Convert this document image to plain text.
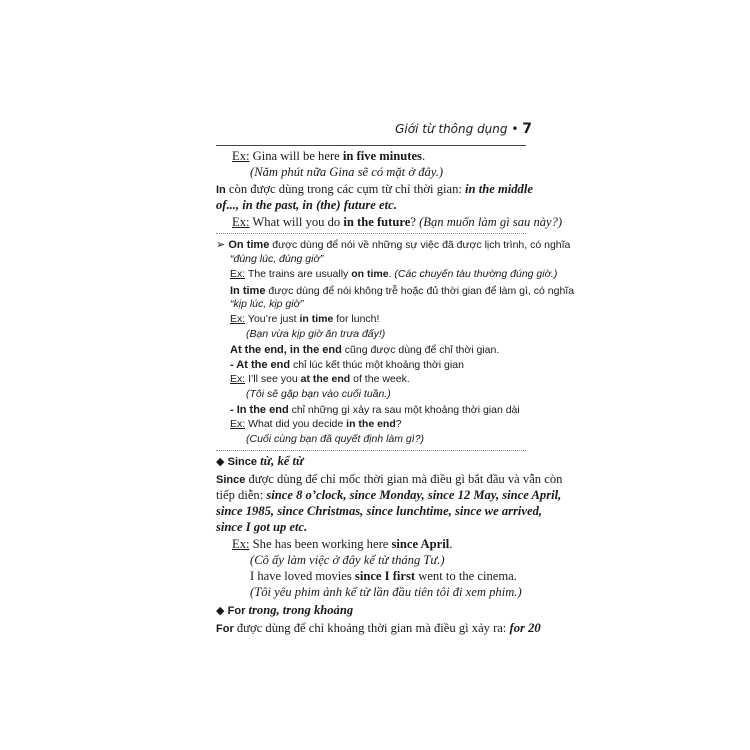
Giới từ thông dụng • 7
Ex: Gina will be here in five minutes.
(Năm phút nữa Gina sẽ có mặt ở đây.)
In còn được dùng trong các cụm từ chỉ thời gian: in the middle
of..., in the past, in (the) future etc.
Ex: What will you do in the future? (Bạn muốn làm gì sau này?)
➢ On time được dùng để nói về những sự việc đã được lịch trình, có nghĩa
“đúng lúc, đúng giờ”
Ex: The trains are usually on time. (Các chuyến tàu thường đúng giờ.)
In time được dùng để nói không trễ hoặc đủ thời gian để làm gì, có nghĩa
“kịp lúc, kịp giờ”
Ex: You’re just in time for lunch!
(Bạn vừa kịp giờ ăn trưa đấy!)
At the end, in the end cũng được dùng để chỉ thời gian.
- At the end chỉ lúc kết thúc một khoảng thời gian
Ex: I’ll see you at the end of the week.
(Tôi sẽ gặp bạn vào cuối tuần.)
- In the end chỉ những gì xảy ra sau một khoảng thời gian dài
Ex: What did you decide in the end?
(Cuối cùng bạn đã quyết định làm gì?)
◆ Since từ, kể từ
Since được dùng để chỉ mốc thời gian mà điều gì bắt đầu và vẫn còn
tiếp diễn: since 8 o’clock, since Monday, since 12 May, since April,
since 1985, since Christmas, since lunchtime, since we arrived,
since I got up etc.
Ex: She has been working here since April.
(Cô ấy làm việc ở đây kể từ tháng Tư.)
I have loved movies since I first went to the cinema.
(Tôi yêu phim ảnh kể từ lần đầu tiên tôi đi xem phim.)
◆ For trong, trong khoảng
For được dùng để chỉ khoảng thời gian mà điều gì xảy ra: for 20
